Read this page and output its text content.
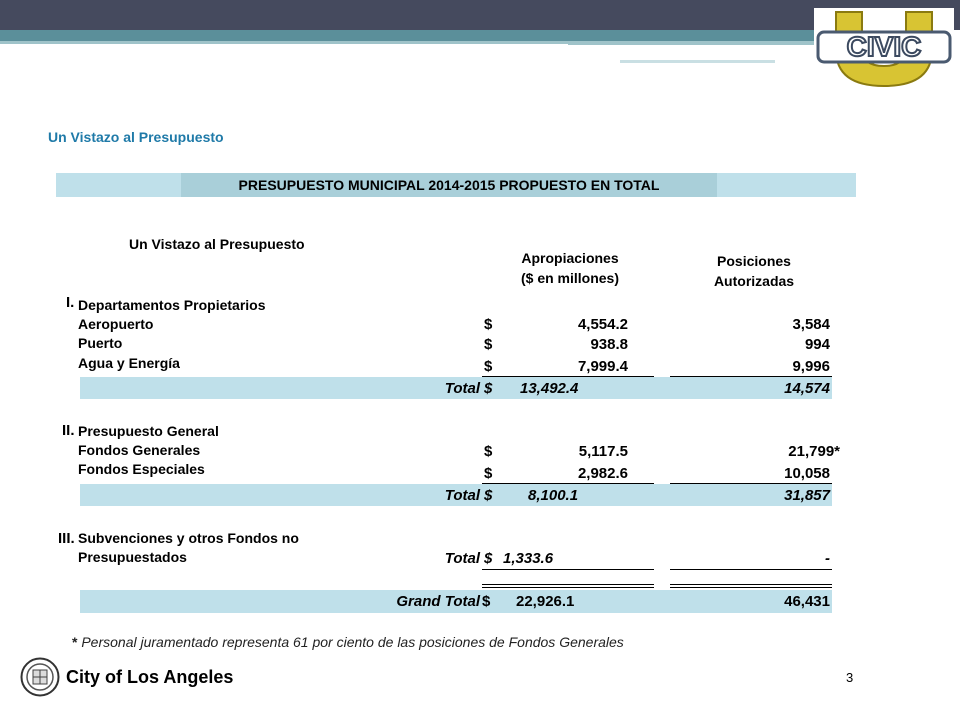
CIVIC
Un Vistazo al Presupuesto
PRESUPUESTO MUNICIPAL 2014-2015 PROPUESTO EN TOTAL
Un Vistazo al Presupuesto
Apropiaciones
($ en millones)
Posiciones
Autorizadas
I. Departamentos Propietarios
Aeropuerto	$	4,554.2	3,584
Puerto	$	938.8	994
Agua y Energía	$	7,999.4	9,996
Total $ 13,492.4	14,574
II. Presupuesto General
Fondos Generales	$	5,117.5	21,799*
Fondos Especiales	$	2,982.6	10,058
Total $ 8,100.1	31,857
III. Subvenciones y otros Fondos no
Presupuestados	Total $ 1,333.6	-
Grand Total $ 22,926.1	46,431
* Personal juramentado representa 61 por ciento de las posiciones de Fondos Generales
City of Los Angeles	3
